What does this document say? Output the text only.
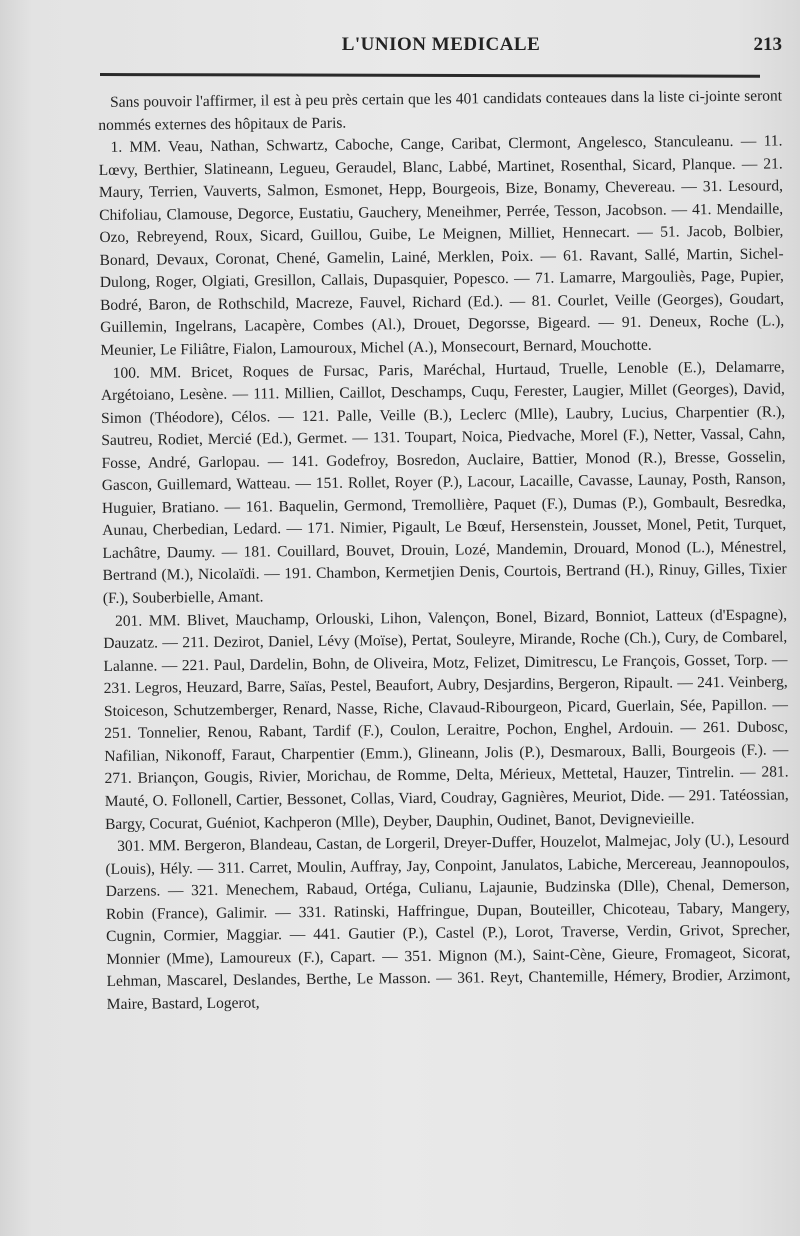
L'UNION MEDICALE	213

Sans pouvoir l'affirmer, il est à peu près certain que les 401 candidats conteaues dans la liste ci-jointe seront nommés externes des hôpitaux de Paris.

1. MM. Veau, Nathan, Schwartz, Caboche, Cange, Caribat, Clermont, Angelesco, Stanculeanu. — 11. Lœvy, Berthier, Slatineann, Legueu, Geraudel, Blanc, Labbé, Martinet, Rosenthal, Sicard, Planque. — 21. Maury, Terrien, Vauverts, Salmon, Esmonet, Hepp, Bourgeois, Bize, Bonamy, Chevereau. — 31. Lesourd, Chifoliau, Clamouse, Degorce, Eustatiu, Gauchery, Meneihmer, Perrée, Tesson, Jacobson. — 41. Mendaille, Ozo, Rebreyend, Roux, Sicard, Guillou, Guibe, Le Meignen, Milliet, Hennecart. — 51. Jacob, Bolbier, Bonard, Devaux, Coronat, Chené, Gamelin, Lainé, Merklen, Poix. — 61. Ravant, Sallé, Martin, Sichel-Dulong, Roger, Olgiati, Gresillon, Callais, Dupasquier, Popesco. — 71. Lamarre, Margouliès, Page, Pupier, Bodré, Baron, de Rothschild, Macreze, Fauvel, Richard (Ed.). — 81. Courlet, Veille (Georges), Goudart, Guillemin, Ingelrans, Lacapère, Combes (Al.), Drouet, Degorsse, Bigeard. — 91. Deneux, Roche (L.), Meunier, Le Filiâtre, Fialon, Lamouroux, Michel (A.), Monsecourt, Bernard, Mouchotte.

100. MM. Bricet, Roques de Fursac, Paris, Maréchal, Hurtaud, Truelle, Lenoble (E.), Delamarre, Argétoiano, Lesène. — 111. Millien, Caillot, Deschamps, Cuqu, Ferester, Laugier, Millet (Georges), David, Simon (Théodore), Célos. — 121. Palle, Veille (B.), Leclerc (Mlle), Laubry, Lucius, Charpentier (R.), Sautreu, Rodiet, Mercié (Ed.), Germet. — 131. Toupart, Noica, Piedvache, Morel (F.), Netter, Vassal, Cahn, Fosse, André, Garlopau. — 141. Godefroy, Bosredon, Auclaire, Battier, Monod (R.), Bresse, Gosselin, Gascon, Guillemard, Watteau. — 151. Rollet, Royer (P.), Lacour, Lacaille, Cavasse, Launay, Posth, Ranson, Huguier, Bratiano. — 161. Baquelin, Germond, Tremollière, Paquet (F.), Dumas (P.), Gombault, Besredka, Aunau, Cherbedian, Ledard. — 171. Nimier, Pigault, Le Bœuf, Hersenstein, Jousset, Monel, Petit, Turquet, Lachâtre, Daumy. — 181. Couillard, Bouvet, Drouin, Lozé, Mandemin, Drouard, Monod (L.), Ménestrel, Bertrand (M.), Nicolaïdi. — 191. Chambon, Kermetjien Denis, Courtois, Bertrand (H.), Rinuy, Gilles, Tixier (F.), Souberbielle, Amant.

201. MM. Blivet, Mauchamp, Orlouski, Lihon, Valençon, Bonel, Bizard, Bonniot, Latteux (d'Espagne), Dauzatz. — 211. Dezirot, Daniel, Lévy (Moïse), Pertat, Souleyre, Mirande, Roche (Ch.), Cury, de Combarel, Lalanne. — 221. Paul, Dardelin, Bohn, de Oliveira, Motz, Felizet, Dimitrescu, Le François, Gosset, Torp. — 231. Legros, Heuzard, Barre, Saïas, Pestel, Beaufort, Aubry, Desjardins, Bergeron, Ripault. — 241. Veinberg, Stoiceson, Schutzemberger, Renard, Nasse, Riche, Clavaud-Ribourgeon, Picard, Guerlain, Sée, Papillon. — 251. Tonnelier, Renou, Rabant, Tardif (F.), Coulon, Leraitre, Pochon, Enghel, Ardouin. — 261. Dubosc, Nafilian, Nikonoff, Faraut, Charpentier (Emm.), Glineann, Jolis (P.), Desmaroux, Balli, Bourgeois (F.). — 271. Briançon, Gougis, Rivier, Morichau, de Romme, Delta, Mérieux, Mettetal, Hauzer, Tintrelin. — 281. Mauté, O. Follonell, Cartier, Bessonet, Collas, Viard, Coudray, Gagnières, Meuriot, Dide. — 291. Tatéossian, Bargy, Cocurat, Guéniot, Kachperon (Mlle), Deyber, Dauphin, Oudinet, Banot, Devignevieille.

301. MM. Bergeron, Blandeau, Castan, de Lorgeril, Dreyer-Duffer, Houzelot, Malmejac, Joly (U.), Lesourd (Louis), Hély. — 311. Carret, Moulin, Auffray, Jay, Conpoint, Janulatos, Labiche, Mercereau, Jeannopoulos, Darzens. — 321. Menechem, Rabaud, Ortéga, Culianu, Lajaunie, Budzinska (Dlle), Chenal, Demerson, Robin (France), Galimir. — 331. Ratinski, Haffringue, Dupan, Bouteiller, Chicoteau, Tabary, Mangery, Cugnin, Cormier, Maggiar. — 441. Gautier (P.), Castel (P.), Lorot, Traverse, Verdin, Grivot, Sprecher, Monnier (Mme), Lamoureux (F.), Capart. — 351. Mignon (M.), Saint-Cène, Gieure, Fromageot, Sicorat, Lehman, Mascarel, Deslandes, Berthe, Le Masson. — 361. Reyt, Chantemille, Hémery, Brodier, Arzimont, Maire, Bastard, Logerot,
